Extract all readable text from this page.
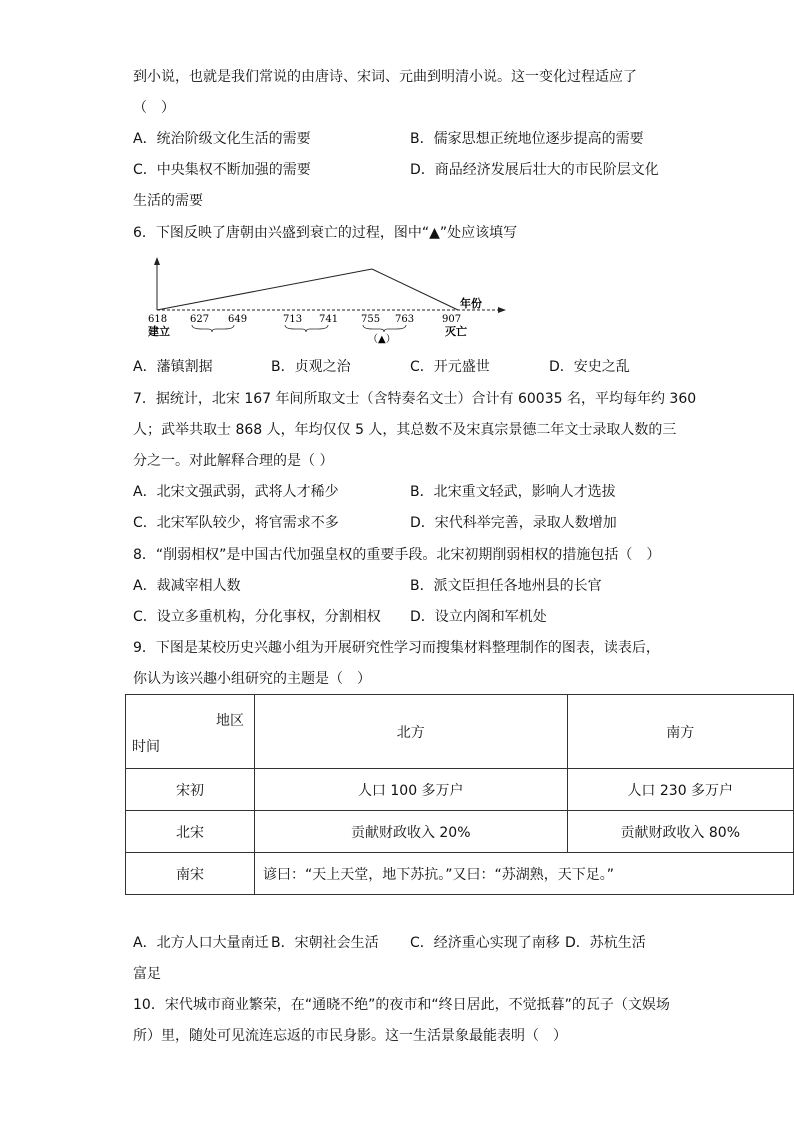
到小说，也就是我们常说的由唐诗、宋词、元曲到明清小说。这一变化过程适应了
（　）
A．统治阶级文化生活的需要	B．儒家思想正统地位逐步提高的需要
C．中央集权不断加强的需要	D．商品经济发展后壮大的市民阶层文化
生活的需要
6．下图反映了唐朝由兴盛到衰亡的过程，图中“▲”处应该填写
年份
618
建立
627 649	713 741 755 763	907
灭亡
（▲）
A．藩镇割据	B．贞观之治	C．开元盛世	D．安史之乱
7．据统计，北宋 167 年间所取文士（含特奏名文士）合计有 60035 名，平均每年约 360
人；武举共取士 868 人，年均仅仅 5 人，其总数不及宋真宗景德二年文士录取人数的三
分之一。对此解释合理的是（ ）
A．北宋文强武弱，武将人才稀少	B．北宋重文轻武，影响人才选拔
C．北宋军队较少，将官需求不多	D．宋代科举完善，录取人数增加
8．“削弱相权”是中国古代加强皇权的重要手段。北宋初期削弱相权的措施包括（　）
A．裁减宰相人数	B．派文臣担任各地州县的长官
C．设立多重机构，分化事权，分割相权 D．设立内阁和军机处
9．下图是某校历史兴趣小组为开展研究性学习而搜集材料整理制作的图表，读表后，
你认为该兴趣小组研究的主题是（　）
地区
时间	北方	南方
宋初	人口 100 多万户	人口 230 多万户
北宋	贡献财政收入 20%	贡献财政收入 80%
南宋	谚曰：“天上天堂，地下苏抗。”又曰：“苏湖熟，天下足。”	
A．北方人口大量南迁 B．宋朝社会生活 C．经济重心实现了南移 D．苏杭生活
富足
10．宋代城市商业繁荣，在“通晓不绝”的夜市和“终日居此，不觉抵暮”的瓦子（文娱场
所）里，随处可见流连忘返的市民身影。这一生活景象最能表明（　）
